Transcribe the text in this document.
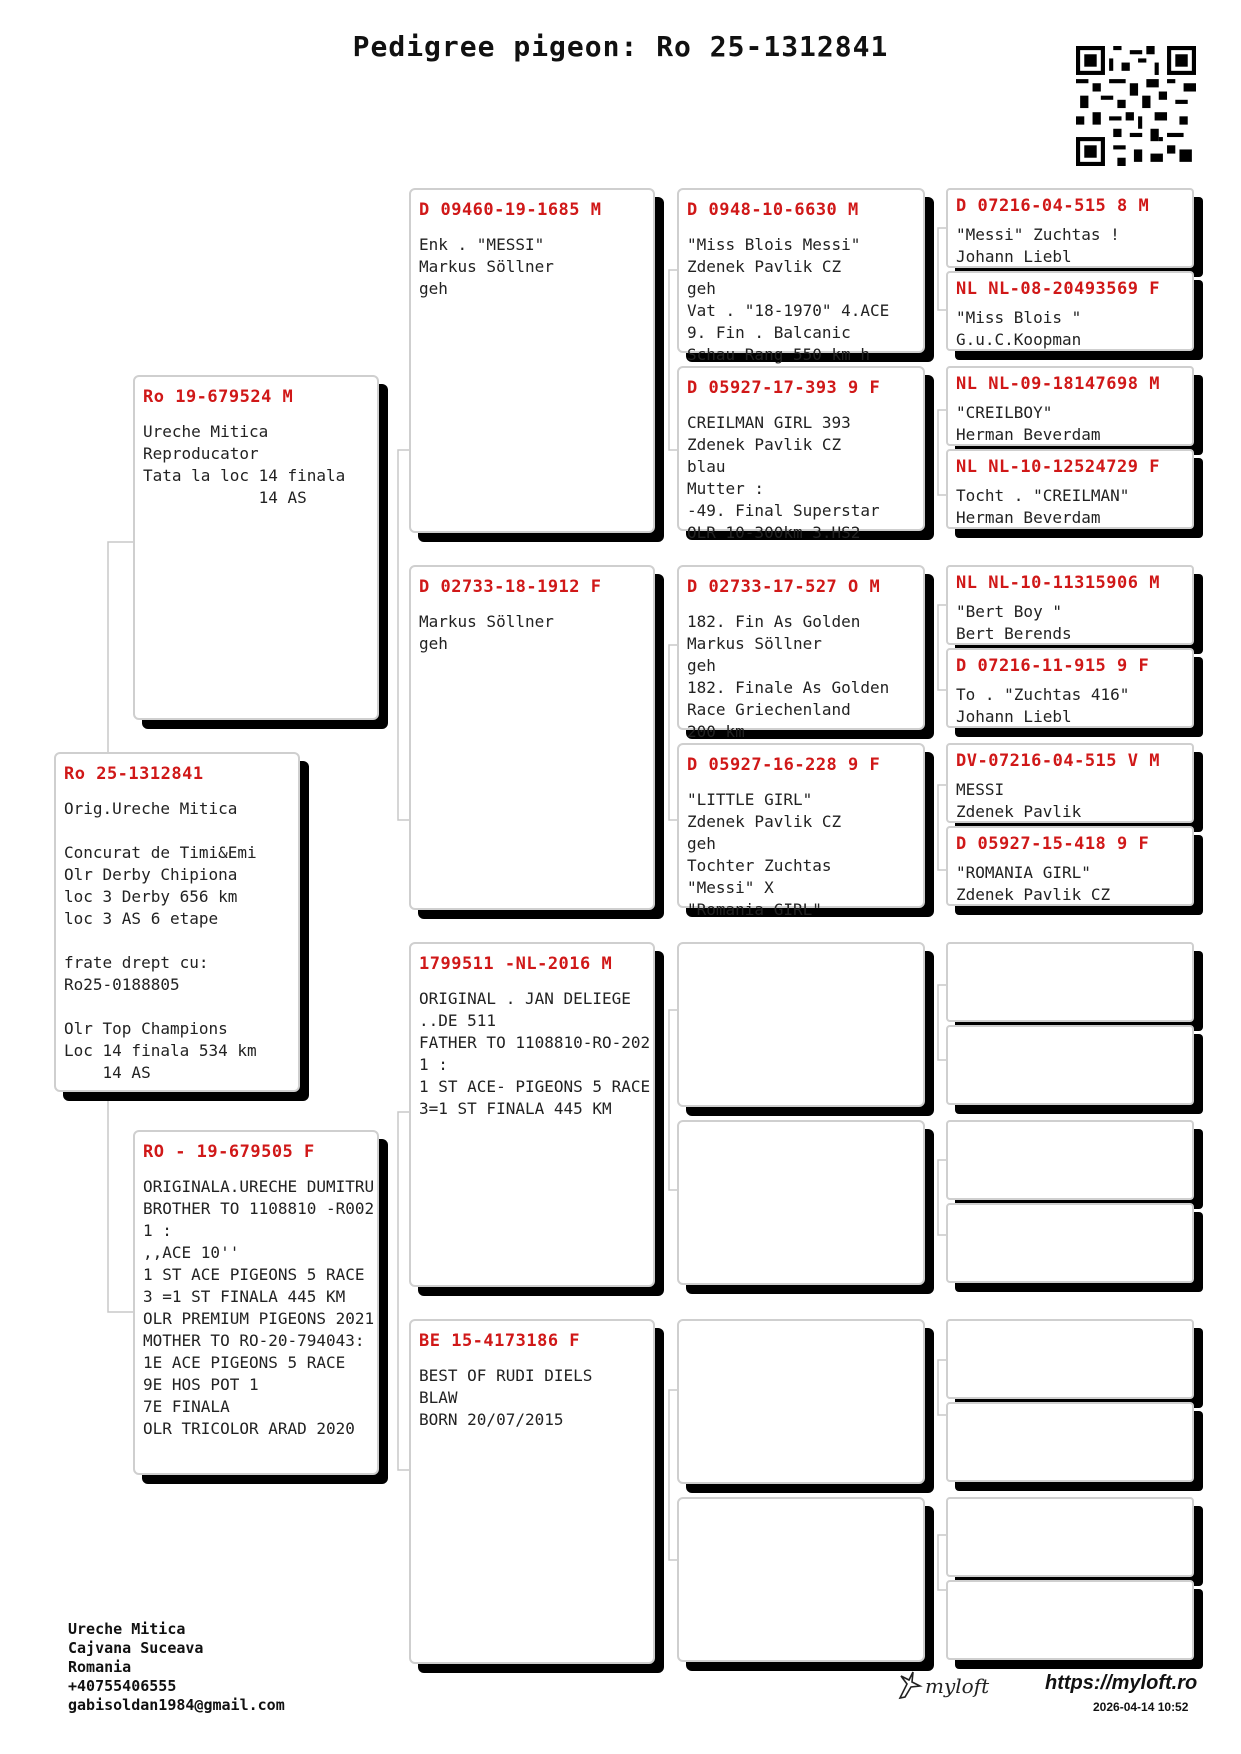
Pedigree pigeon: Ro 25-1312841
Ro 25-1312841
Orig.Ureche Mitica

Concurat de Timi&Emi
Olr Derby Chipiona
loc 3 Derby 656 km
loc 3 AS 6 etape

frate drept cu:
Ro25-0188805

Olr Top Champions
Loc 14 finala 534 km
14 AS
Ro 19-679524 M
Ureche Mitica
Reproducator
Tata la loc 14 finala
14 AS
RO - 19-679505 F
ORIGINALA.URECHE DUMITRU
BROTHER TO 1108810 -R002
1 :
,,ACE 10''
1 ST ACE PIGEONS 5 RACE
3 =1 ST FINALA 445 KM
OLR PREMIUM PIGEONS 2021
MOTHER TO RO-20-794043:
1E ACE PIGEONS 5 RACE
9E HOS POT 1
7E FINALA
OLR TRICOLOR ARAD 2020
D 09460-19-1685 M
Enk . "MESSI"
Markus Söllner
geh
D 02733-18-1912 F
Markus Söllner
geh
1799511 -NL-2016 M
ORIGINAL . JAN DELIEGE
..DE 511
FATHER TO 1108810-RO-202
1 :
1 ST ACE- PIGEONS 5 RACE
3=1 ST FINALA 445 KM
BE 15-4173186 F
BEST OF RUDI DIELS
BLAW
BORN 20/07/2015
D 0948-10-6630 M
"Miss Blois Messi"
Zdenek Pavlik CZ
geh
Vat . "18-1970" 4.ACE
9. Fin . Balcanic
Schau Rang 550 km h
D 05927-17-393 9 F
CREILMAN GIRL 393
Zdenek Pavlik CZ
blau
Mutter :
-49. Final Superstar
OLR 10-300km 3.HS2
D 02733-17-527 O M
182. Fin As Golden
Markus Söllner
geh
182. Finale As Golden
Race Griechenland
200 km
D 05927-16-228 9 F
"LITTLE GIRL"
Zdenek Pavlik CZ
geh
Tochter Zuchtas
"Messi" X
"Romania GIRL"
D 07216-04-515 8 M
"Messi" Zuchtas !
Johann Liebl
NL NL-08-20493569 F
"Miss Blois "
G.u.C.Koopman
NL NL-09-18147698 M
"CREILBOY"
Herman Beverdam
NL NL-10-12524729 F
Tocht . "CREILMAN"
Herman Beverdam
NL NL-10-11315906 M
"Bert Boy "
Bert Berends
D 07216-11-915 9 F
To . "Zuchtas 416"
Johann Liebl
DV-07216-04-515 V M
MESSI
Zdenek Pavlik
D 05927-15-418 9 F
"ROMANIA GIRL"
Zdenek Pavlik CZ
Ureche Mitica
Cajvana Suceava
Romania
+40755406555
gabisoldan1984@gmail.com
myloft	https://myloft.ro
2026-04-14 10:52
